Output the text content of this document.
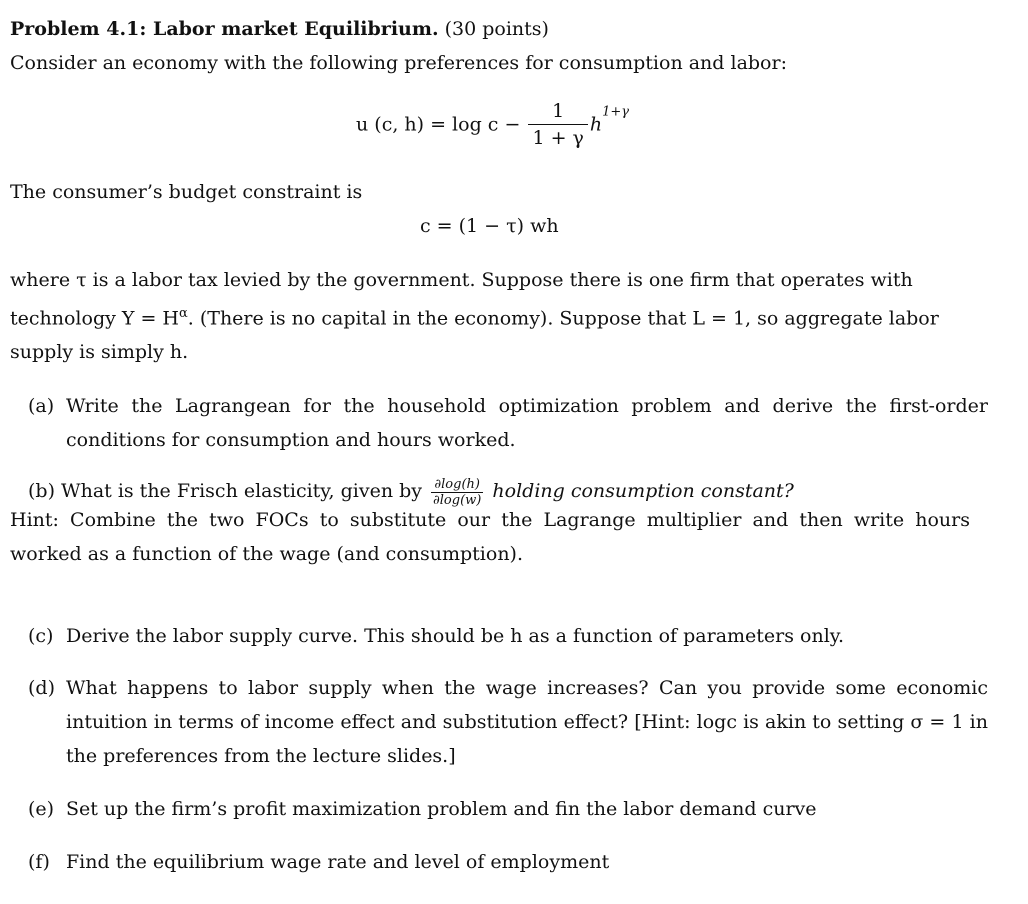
Problem 4.1: Labor market Equilibrium. (30 points)
Consider an economy with the following preferences for consumption and labor:
u (c, $h) = \log c - \frac{1}{1 + \gamma} h^{1+\gamma}$
The consumer’s budget constraint is
c = (1 − τ) wh
where τ is a labor tax levied by the government. Suppose there is one firm that operates with
technology $Y = H^\alpha$. (There is no capital in the economy). Suppose that L = 1, so aggregate labor
supply is simply h.
(a) Write the Lagrangean for the household optimization problem and derive the first-order conditions for consumption and hours worked.
(b) What is the Frisch elasticity, given by $\frac{\partial\log(h)}{\partial\log(w)}$ holding consumption constant?
Hint: Combine the two FOCs to substitute our the Lagrange multiplier and then write hours worked as a function of the wage (and consumption).
(c) Derive the labor supply curve. This should be h as a function of parameters only.
(d) What happens to labor supply when the wage increases? Can you provide some economic intuition in terms of income effect and substitution effect? [Hint: logc is akin to setting σ = 1 in the preferences from the lecture slides.]
(e) Set up the firm’s profit maximization problem and fin the labor demand curve
(f) Find the equilibrium wage rate and level of employment
